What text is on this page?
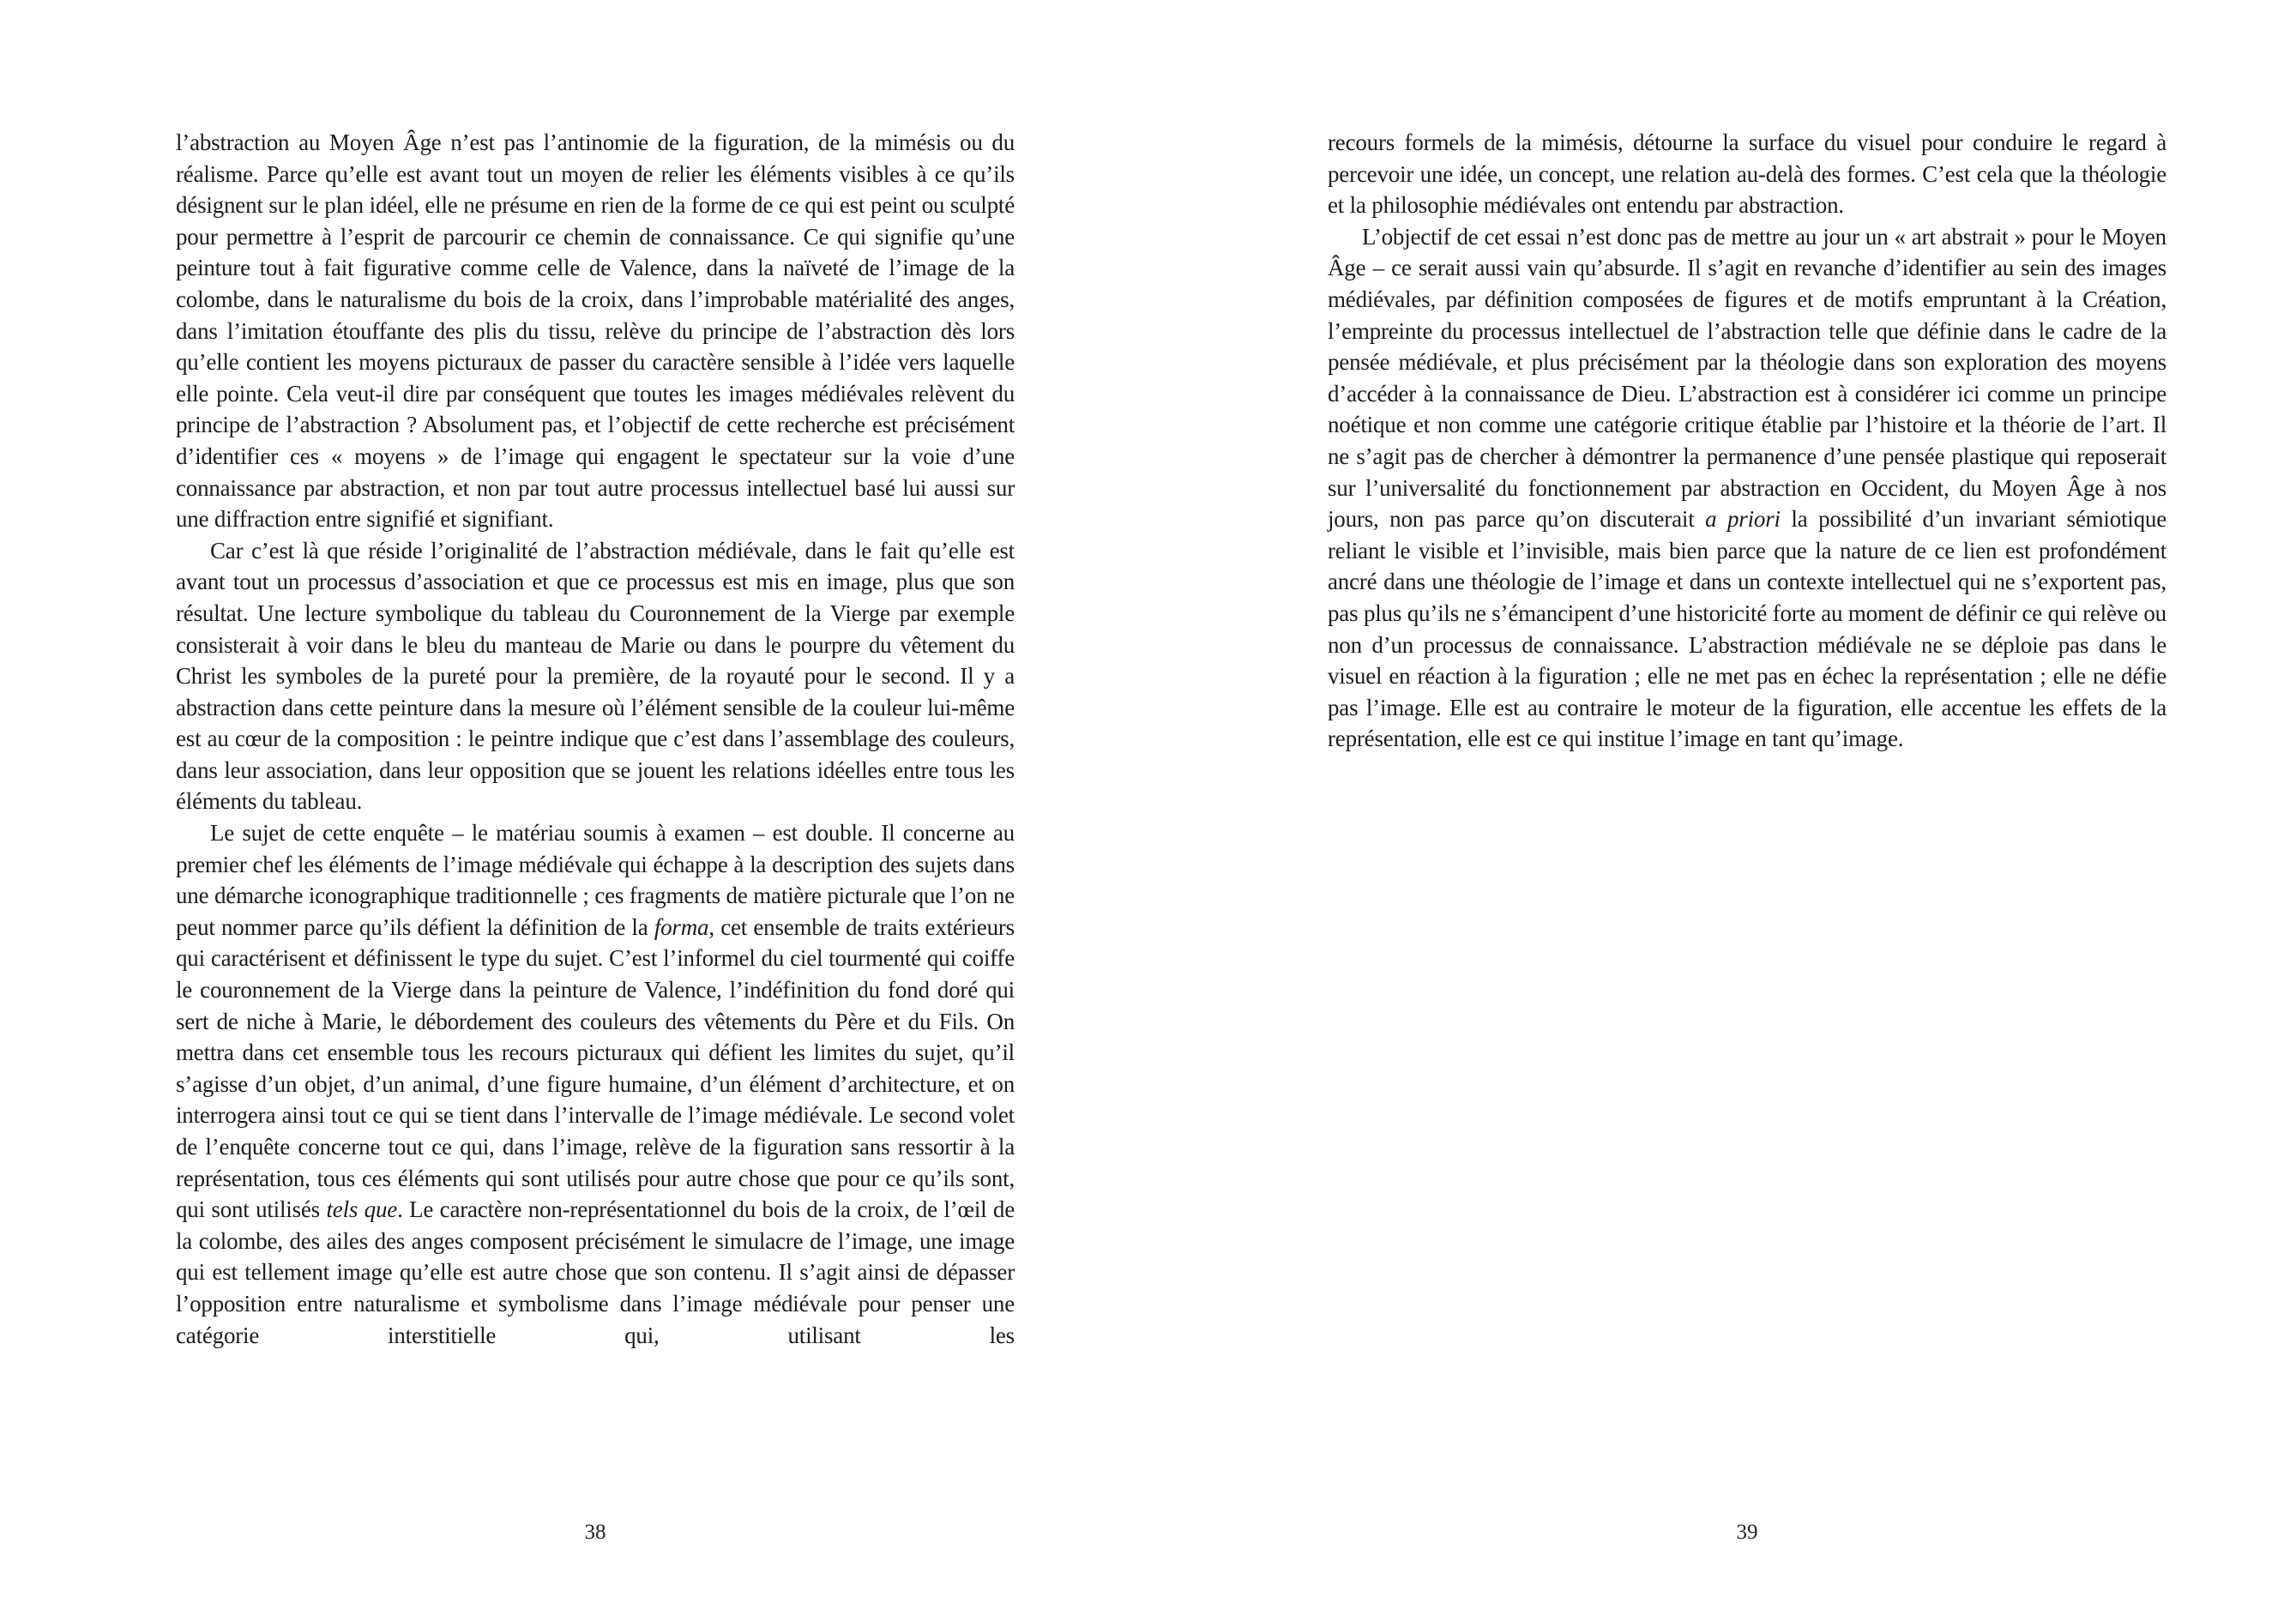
l’abstraction au Moyen Âge n’est pas l’antinomie de la figuration, de la mimésis ou du réalisme. Parce qu’elle est avant tout un moyen de relier les éléments visibles à ce qu’ils désignent sur le plan idéel, elle ne présume en rien de la forme de ce qui est peint ou sculpté pour permettre à l’esprit de parcourir ce chemin de connaissance. Ce qui signifie qu’une peinture tout à fait figurative comme celle de Valence, dans la naïveté de l’image de la colombe, dans le naturalisme du bois de la croix, dans l’improbable matérialité des anges, dans l’imitation étouffante des plis du tissu, relève du principe de l’abstraction dès lors qu’elle contient les moyens picturaux de passer du caractère sensible à l’idée vers laquelle elle pointe. Cela veut-il dire par conséquent que toutes les images médiévales relèvent du principe de l’abstraction ? Absolument pas, et l’objectif de cette recherche est précisément d’identifier ces « moyens » de l’image qui engagent le spectateur sur la voie d’une connaissance par abstraction, et non par tout autre processus intellectuel basé lui aussi sur une diffraction entre signifié et signifiant.

Car c’est là que réside l’originalité de l’abstraction médiévale, dans le fait qu’elle est avant tout un processus d’association et que ce processus est mis en image, plus que son résultat. Une lecture symbolique du tableau du Couronnement de la Vierge par exemple consisterait à voir dans le bleu du manteau de Marie ou dans le pourpre du vêtement du Christ les symboles de la pureté pour la première, de la royauté pour le second. Il y a abstraction dans cette peinture dans la mesure où l’élément sensible de la couleur lui-même est au cœur de la composition : le peintre indique que c’est dans l’assemblage des couleurs, dans leur association, dans leur opposition que se jouent les relations idéelles entre tous les éléments du tableau.

Le sujet de cette enquête – le matériau soumis à examen – est double. Il concerne au premier chef les éléments de l’image médiévale qui échappe à la description des sujets dans une démarche iconographique traditionnelle ; ces fragments de matière picturale que l’on ne peut nommer parce qu’ils défient la définition de la forma, cet ensemble de traits extérieurs qui caractérisent et définissent le type du sujet. C’est l’informel du ciel tourmenté qui coiffe le couronnement de la Vierge dans la peinture de Valence, l’indéfinition du fond doré qui sert de niche à Marie, le débordement des couleurs des vêtements du Père et du Fils. On mettra dans cet ensemble tous les recours picturaux qui défient les limites du sujet, qu’il s’agisse d’un objet, d’un animal, d’une figure humaine, d’un élément d’architecture, et on interrogera ainsi tout ce qui se tient dans l’intervalle de l’image médiévale. Le second volet de l’enquête concerne tout ce qui, dans l’image, relève de la figuration sans ressortir à la représentation, tous ces éléments qui sont utilisés pour autre chose que pour ce qu’ils sont, qui sont utilisés tels que. Le caractère non-représentationnel du bois de la croix, de l’œil de la colombe, des ailes des anges composent précisément le simulacre de l’image, une image qui est tellement image qu’elle est autre chose que son contenu. Il s’agit ainsi de dépasser l’opposition entre naturalisme et symbolisme dans l’image médiévale pour penser une catégorie interstitielle qui, utilisant les

38

recours formels de la mimésis, détourne la surface du visuel pour conduire le regard à percevoir une idée, un concept, une relation au-delà des formes. C’est cela que la théologie et la philosophie médiévales ont entendu par abstraction.

L’objectif de cet essai n’est donc pas de mettre au jour un « art abstrait » pour le Moyen Âge – ce serait aussi vain qu’absurde. Il s’agit en revanche d’identifier au sein des images médiévales, par définition composées de figures et de motifs empruntant à la Création, l’empreinte du processus intellectuel de l’abstraction telle que définie dans le cadre de la pensée médiévale, et plus précisément par la théologie dans son exploration des moyens d’accéder à la connaissance de Dieu. L’abstraction est à considérer ici comme un principe noétique et non comme une catégorie critique établie par l’histoire et la théorie de l’art. Il ne s’agit pas de chercher à démontrer la permanence d’une pensée plastique qui reposerait sur l’universalité du fonctionnement par abstraction en Occident, du Moyen Âge à nos jours, non pas parce qu’on discuterait a priori la possibilité d’un invariant sémiotique reliant le visible et l’invisible, mais bien parce que la nature de ce lien est profondément ancré dans une théologie de l’image et dans un contexte intellectuel qui ne s’exportent pas, pas plus qu’ils ne s’émancipent d’une historicité forte au moment de définir ce qui relève ou non d’un processus de connaissance. L’abstraction médiévale ne se déploie pas dans le visuel en réaction à la figuration ; elle ne met pas en échec la représentation ; elle ne défie pas l’image. Elle est au contraire le moteur de la figuration, elle accentue les effets de la représentation, elle est ce qui institue l’image en tant qu’image.

39
